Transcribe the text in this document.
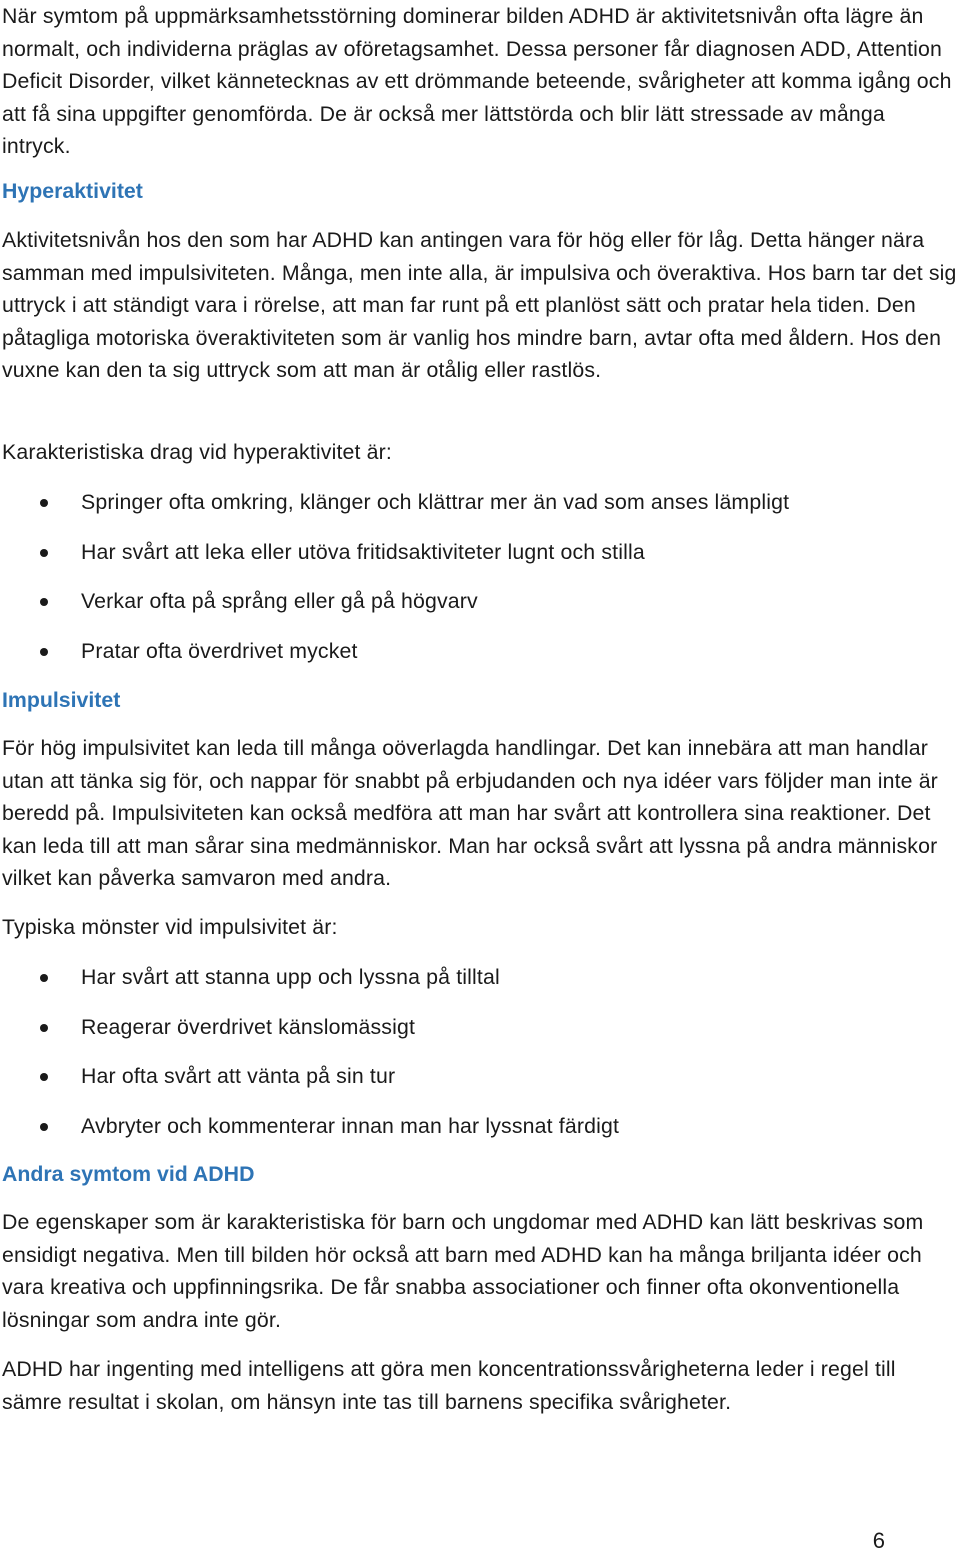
När symtom på uppmärksamhetsstörning dominerar bilden ADHD är aktivitetsnivån ofta lägre än normalt, och individerna präglas av oföretagsamhet. Dessa personer får diagnosen ADD, Attention Deficit Disorder, vilket kännetecknas av ett drömmande beteende, svårigheter att komma igång och att få sina uppgifter genomförda. De är också mer lättstörda och blir lätt stressade av många intryck.

Hyperaktivitet

Aktivitetsnivån hos den som har ADHD kan antingen vara för hög eller för låg. Detta hänger nära samman med impulsiviteten. Många, men inte alla, är impulsiva och överaktiva. Hos barn tar det sig uttryck i att ständigt vara i rörelse, att man far runt på ett planlöst sätt och pratar hela tiden. Den påtagliga motoriska överaktiviteten som är vanlig hos mindre barn, avtar ofta med åldern. Hos den vuxne kan den ta sig uttryck som att man är otålig eller rastlös.

Karakteristiska drag vid hyperaktivitet är:

Springer ofta omkring, klänger och klättrar mer än vad som anses lämpligt
Har svårt att leka eller utöva fritidsaktiviteter lugnt och stilla
Verkar ofta på språng eller gå på högvarv
Pratar ofta överdrivet mycket
Impulsivitet

För hög impulsivitet kan leda till många oöverlagda handlingar. Det kan innebära att man handlar utan att tänka sig för, och nappar för snabbt på erbjudanden och nya idéer vars följder man inte är beredd på. Impulsiviteten kan också medföra att man har svårt att kontrollera sina reaktioner. Det kan leda till att man sårar sina medmänniskor. Man har också svårt att lyssna på andra människor vilket kan påverka samvaron med andra.

Typiska mönster vid impulsivitet är:

Har svårt att stanna upp och lyssna på tilltal
Reagerar överdrivet känslomässigt
Har ofta svårt att vänta på sin tur
Avbryter och kommenterar innan man har lyssnat färdigt
Andra symtom vid ADHD

De egenskaper som är karakteristiska för barn och ungdomar med ADHD kan lätt beskrivas som ensidigt negativa. Men till bilden hör också att barn med ADHD kan ha många briljanta idéer och vara kreativa och uppfinningsrika. De får snabba associationer och finner ofta okonventionella lösningar som andra inte gör.

ADHD har ingenting med intelligens att göra men koncentrationssvårigheterna leder i regel till sämre resultat i skolan, om hänsyn inte tas till barnens specifika svårigheter.

6
